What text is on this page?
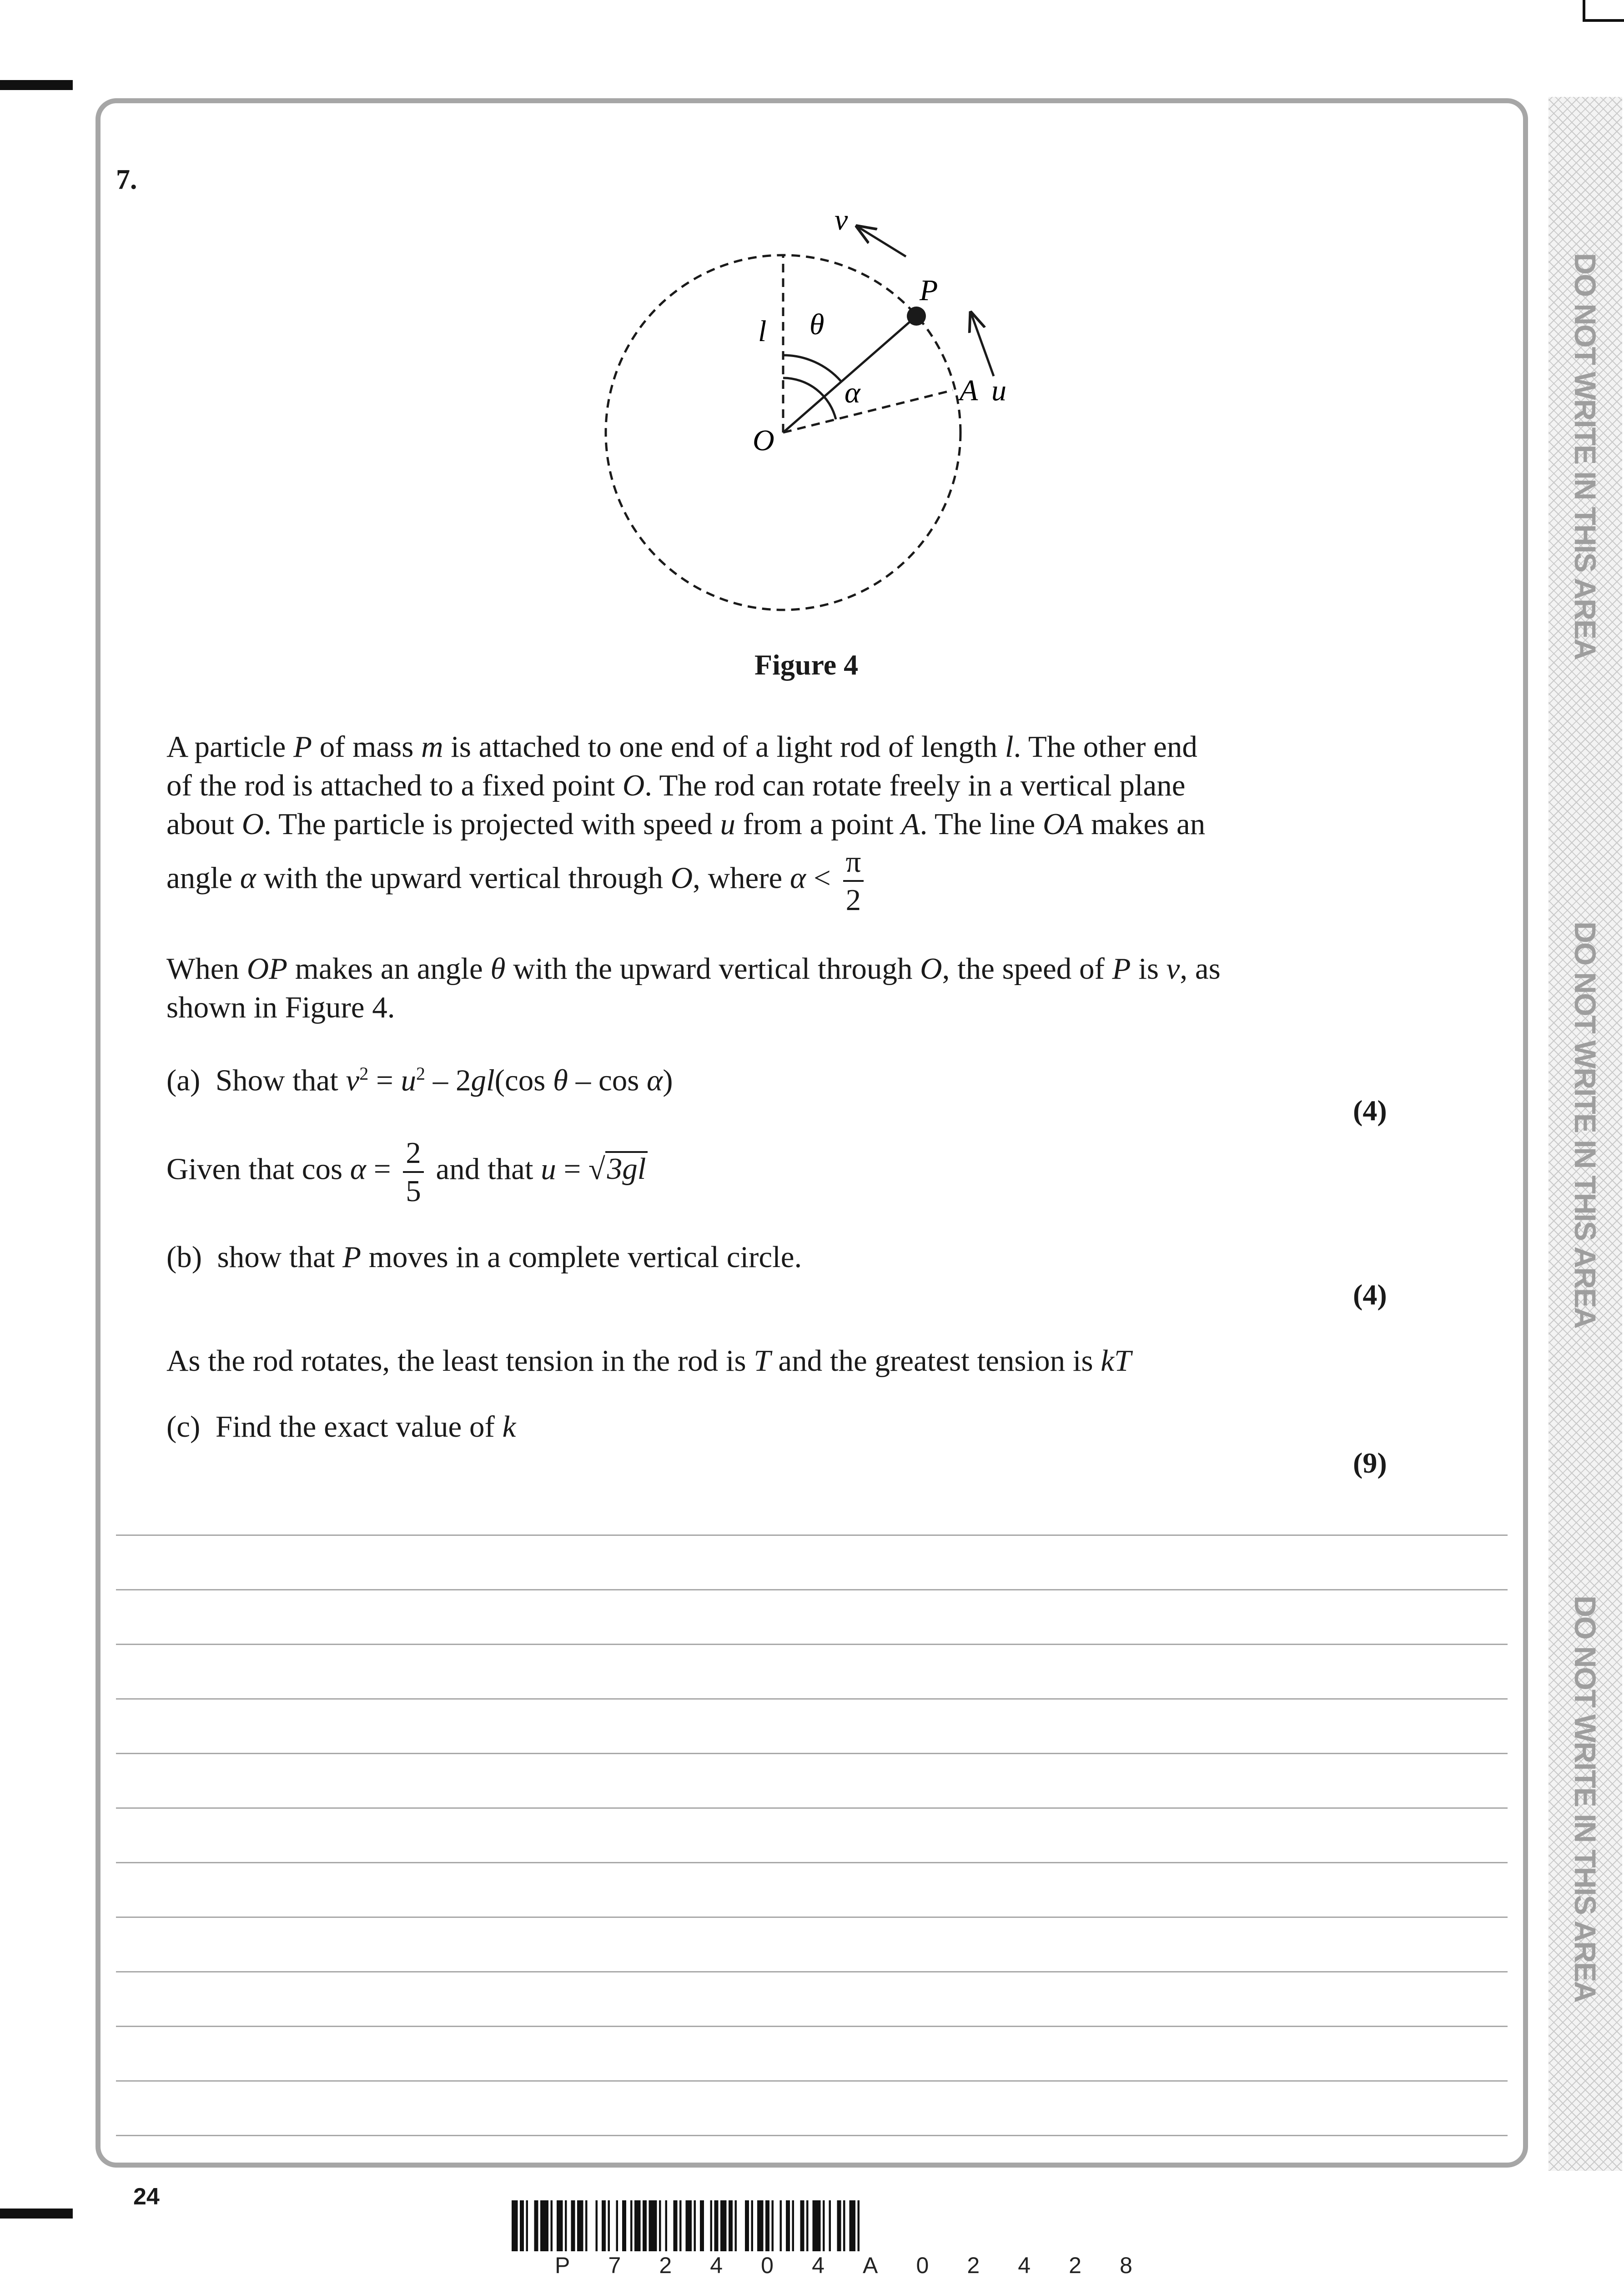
DO NOT WRITE IN THIS AREA
DO NOT WRITE IN THIS AREA
DO NOT WRITE IN THIS AREA
7.
v
P
l θ
α	A u
O
Figure 4

A particle P of mass m is attached to one end of a light rod of length l. The other end

of the rod is attached to a fixed point O. The rod can rotate freely in a vertical plane

about O. The particle is projected with speed u from a point A. The line OA makes an

angle α with the upward vertical through O, where $\alpha < \frac{\pi}{2}$

When OP makes an angle θ with the upward vertical through O, the speed of P is v, as

shown in Figure 4.

(a) Show that $v^2 = u^2 - 2gl(\cos$ θ – cos α)
(4)
Given that $\cos \alpha = \frac{2}{5}$ and that u = √3gl
(b) show that P moves in a complete vertical circle.
(4)
As the rod rotates, the least tension in the rod is T and the greatest tension is kT
(c) Find the exact value of k
(9)
24
P 7 2 4 0 4 A 0 2 4 2 8
